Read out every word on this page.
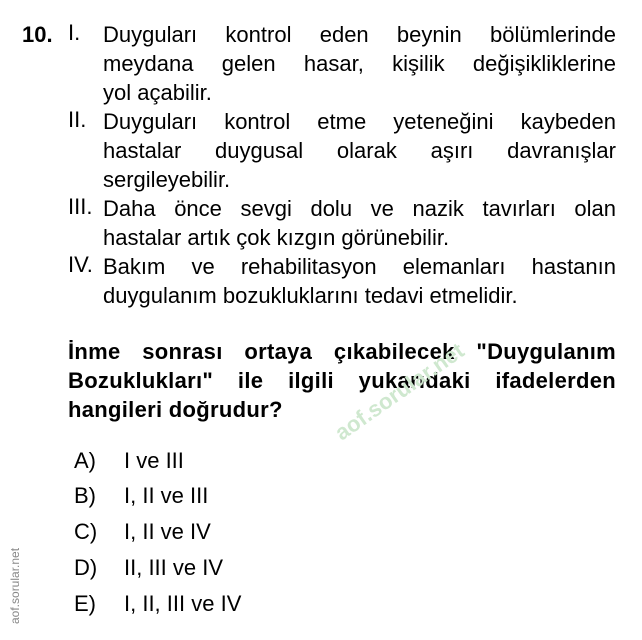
10. I. Duyguları kontrol eden beynin bölümlerinde
meydana gelen hasar, kişilik değişikliklerine
yol açabilir.
II. Duyguları kontrol etme yeteneğini kaybeden
hastalar duygusal olarak aşırı davranışlar
sergileyebilir.
III. Daha önce sevgi dolu ve nazik tavırları olan
hastalar artık çok kızgın görünebilir.
IV. Bakım ve rehabilitasyon elemanları hastanın
duygulanım bozukluklarını tedavi etmelidir.
İnme sonrası ortaya çıkabilecek "Duygulanım
Bozuklukları" ile ilgili yukarıdaki ifadelerden
hangileri doğrudur?
A) I ve III
B) I, II ve III
C) I, II ve IV
D) II, III ve IV
E) I, II, III ve IV
aof.sorular.net
aof.sorular.net
